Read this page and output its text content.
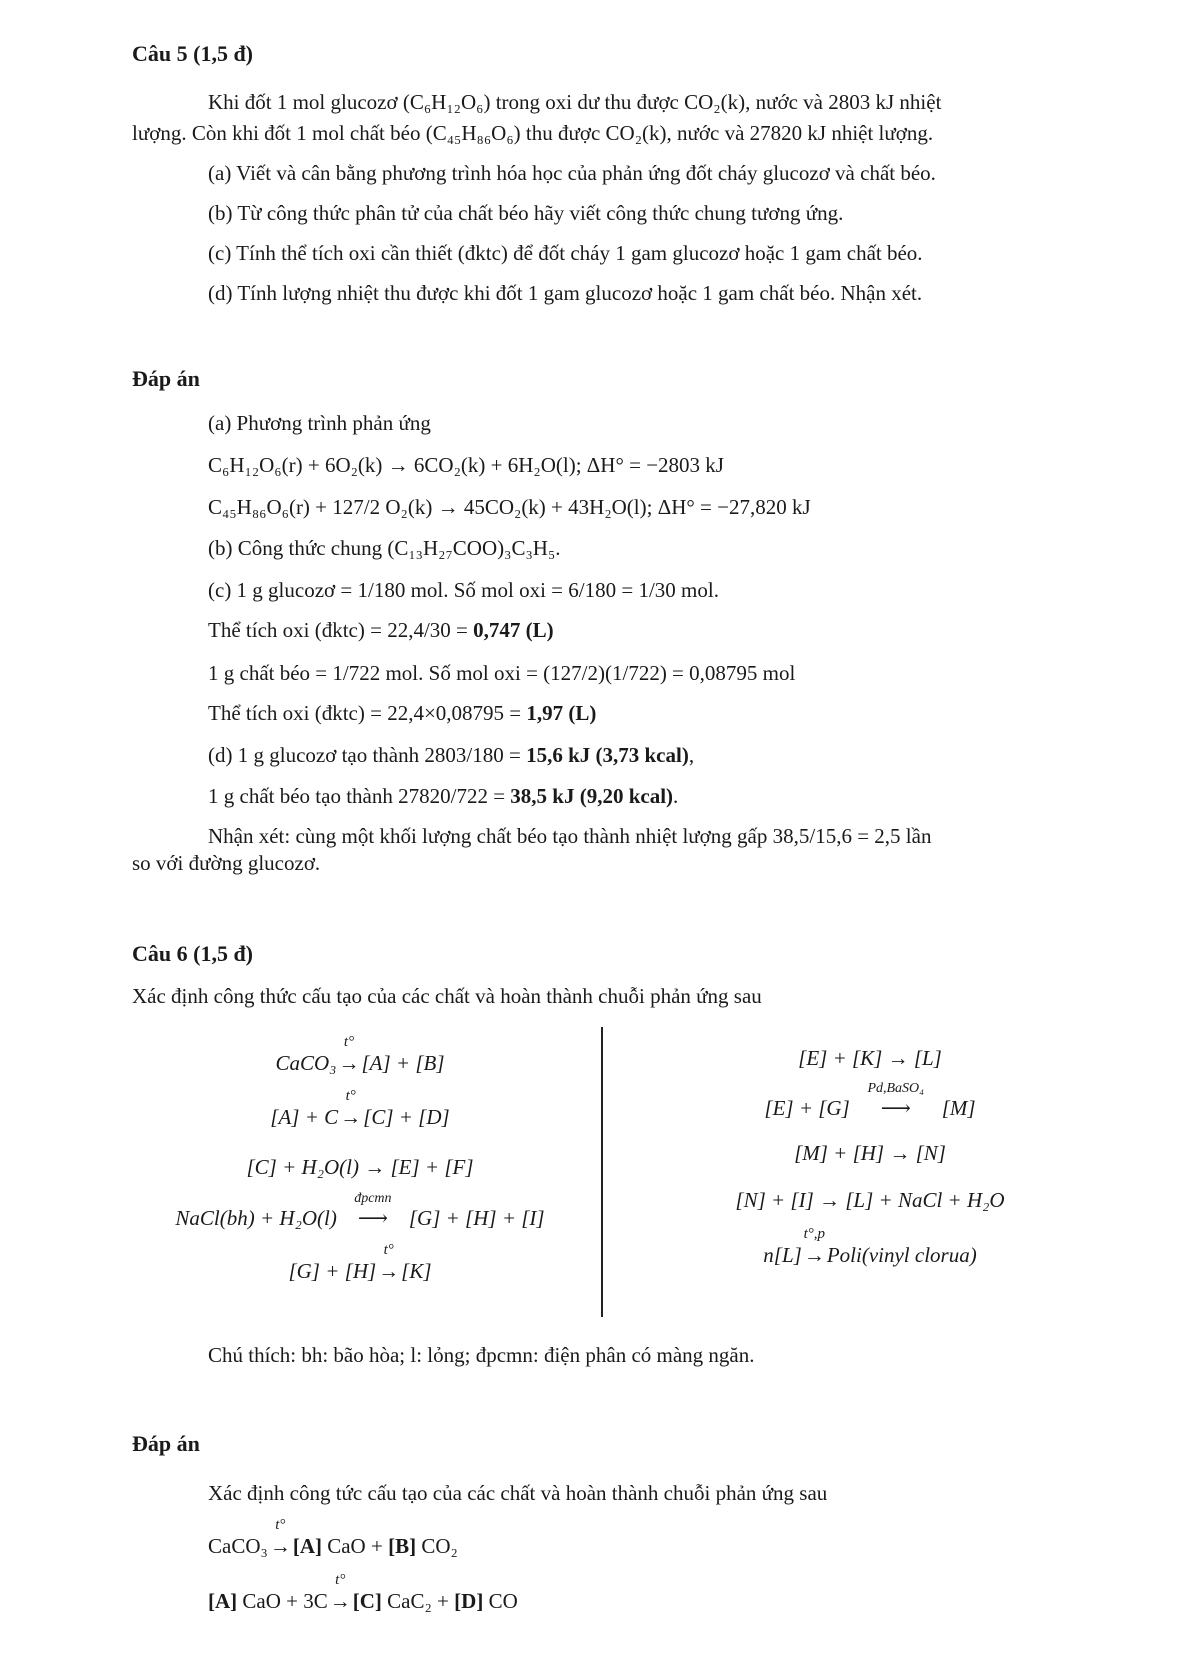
Câu 5 (1,5 đ)
Khi đốt 1 mol glucozơ (C₆H₁₂O₆) trong oxi dư thu được CO₂(k), nước và 2803 kJ nhiệt
lượng. Còn khi đốt 1 mol chất béo (C₄₅H₈₆O₆) thu được CO₂(k), nước và 27820 kJ nhiệt lượng.
(a) Viết và cân bằng phương trình hóa học của phản ứng đốt cháy glucozơ và chất béo.
(b) Từ công thức phân tử của chất béo hãy viết công thức chung tương ứng.
(c) Tính thể tích oxi cần thiết (đktc) để đốt cháy 1 gam glucozơ hoặc 1 gam chất béo.
(d) Tính lượng nhiệt thu được khi đốt 1 gam glucozơ hoặc 1 gam chất béo. Nhận xét.
Đáp án
(a) Phương trình phản ứng
C₆H₁₂O₆(r) + 6O₂(k) → 6CO₂(k) + 6H₂O(l); ΔH° = −2803 kJ
C₄₅H₈₆O₆(r) + 127/2 O₂(k) → 45CO₂(k) + 43H₂O(l); ΔH° = −27,820 kJ
(b) Công thức chung (C₁₃H₂₇COO)₃C₃H₅.
(c) 1 g glucozơ = 1/180 mol. Số mol oxi = 6/180 = 1/30 mol.
Thể tích oxi (đktc) = 22,4/30 = 0,747 (L)
1 g chất béo = 1/722 mol. Số mol oxi = (127/2)(1/722) = 0,08795 mol
Thể tích oxi (đktc) = 22,4×0,08795 = 1,97 (L)
(d) 1 g glucozơ tạo thành 2803/180 = 15,6 kJ (3,73 kcal),
1 g chất béo tạo thành 27820/722 = 38,5 kJ (9,20 kcal).
Nhận xét: cùng một khối lượng chất béo tạo thành nhiệt lượng gấp 38,5/15,6 = 2,5 lần
so với đường glucozơ.
Câu 6 (1,5 đ)
Xác định công thức cấu tạo của các chất và hoàn thành chuỗi phản ứng sau
CaCO₃
t°
→[A] + [B]
[A] + C
t°
→[C] + [D]
[C] + H₂O(l) → [E] + [F]
NaCl(bh) + H₂O(l)
đpcmn
⟶ [G] + [H] + [I]
[G] + [H]
t°
→[K]
[E] + [K] → [L]
[E] + [G]
Pd,BaSO₄
⟶ [M]
[M] + [H] → [N]
[N] + [I] → [L] + NaCl + H₂O
n[L]
t°,p
→Poli(vinyl clorua)
Chú thích: bh: bão hòa; l: lỏng; đpcmn: điện phân có màng ngăn.
Đáp án
Xác định công tức cấu tạo của các chất và hoàn thành chuỗi phản ứng sau
CaCO₃
t°
→[A] CaO + [B] CO₂
[A] CaO + 3C
t°
→[C] CaC₂ + [D] CO
